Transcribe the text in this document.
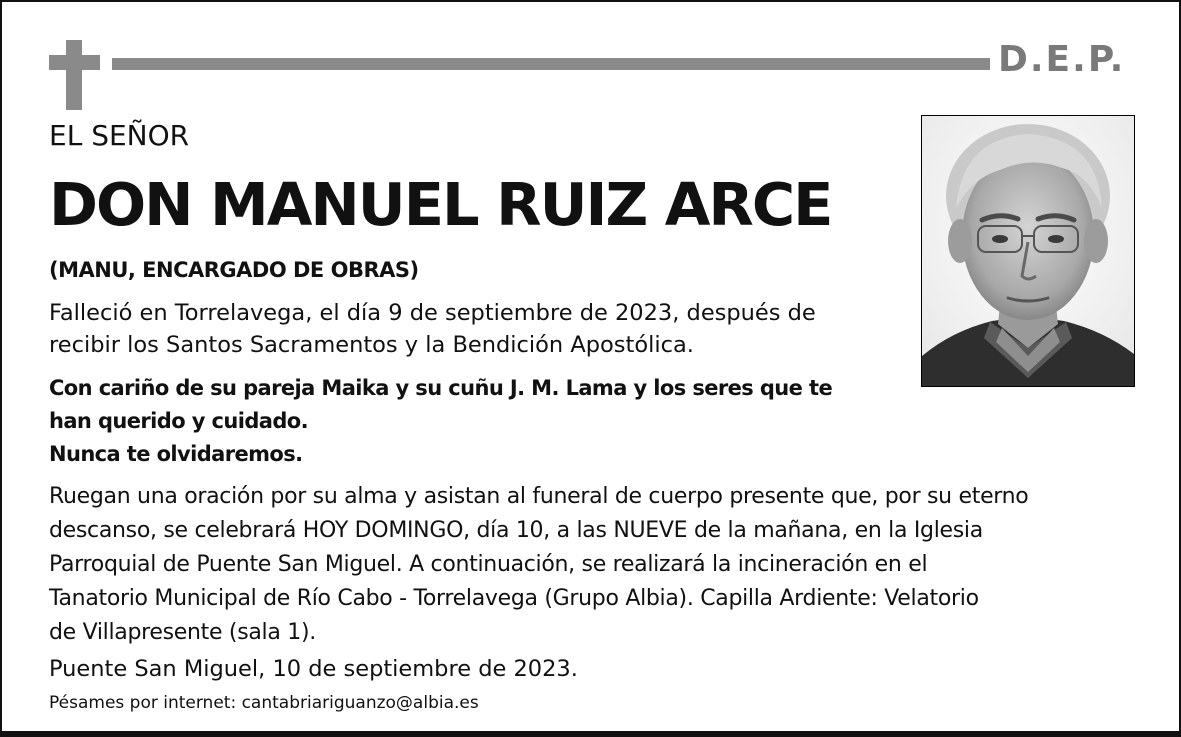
D.E.P.

EL SEÑOR

DON MANUEL RUIZ ARCE

(MANU, ENCARGADO DE OBRAS)

Falleció en Torrelavega, el día 9 de septiembre de 2023, después de
recibir los Santos Sacramentos y la Bendición Apostólica.
Con cariño de su pareja Maika y su cuñu J. M. Lama y los seres que te
han querido y cuidado.
Nunca te olvidaremos.
Ruegan una oración por su alma y asistan al funeral de cuerpo presente que, por su eterno
descanso, se celebrará HOY DOMINGO, día 10, a las NUEVE de la mañana, en la Iglesia
Parroquial de Puente San Miguel. A continuación, se realizará la incineración en el
Tanatorio Municipal de Río Cabo - Torrelavega (Grupo Albia). Capilla Ardiente: Velatorio
de Villapresente (sala 1).

Puente San Miguel, 10 de septiembre de 2023.

Pésames por internet: cantabriariguanzo@albia.es
